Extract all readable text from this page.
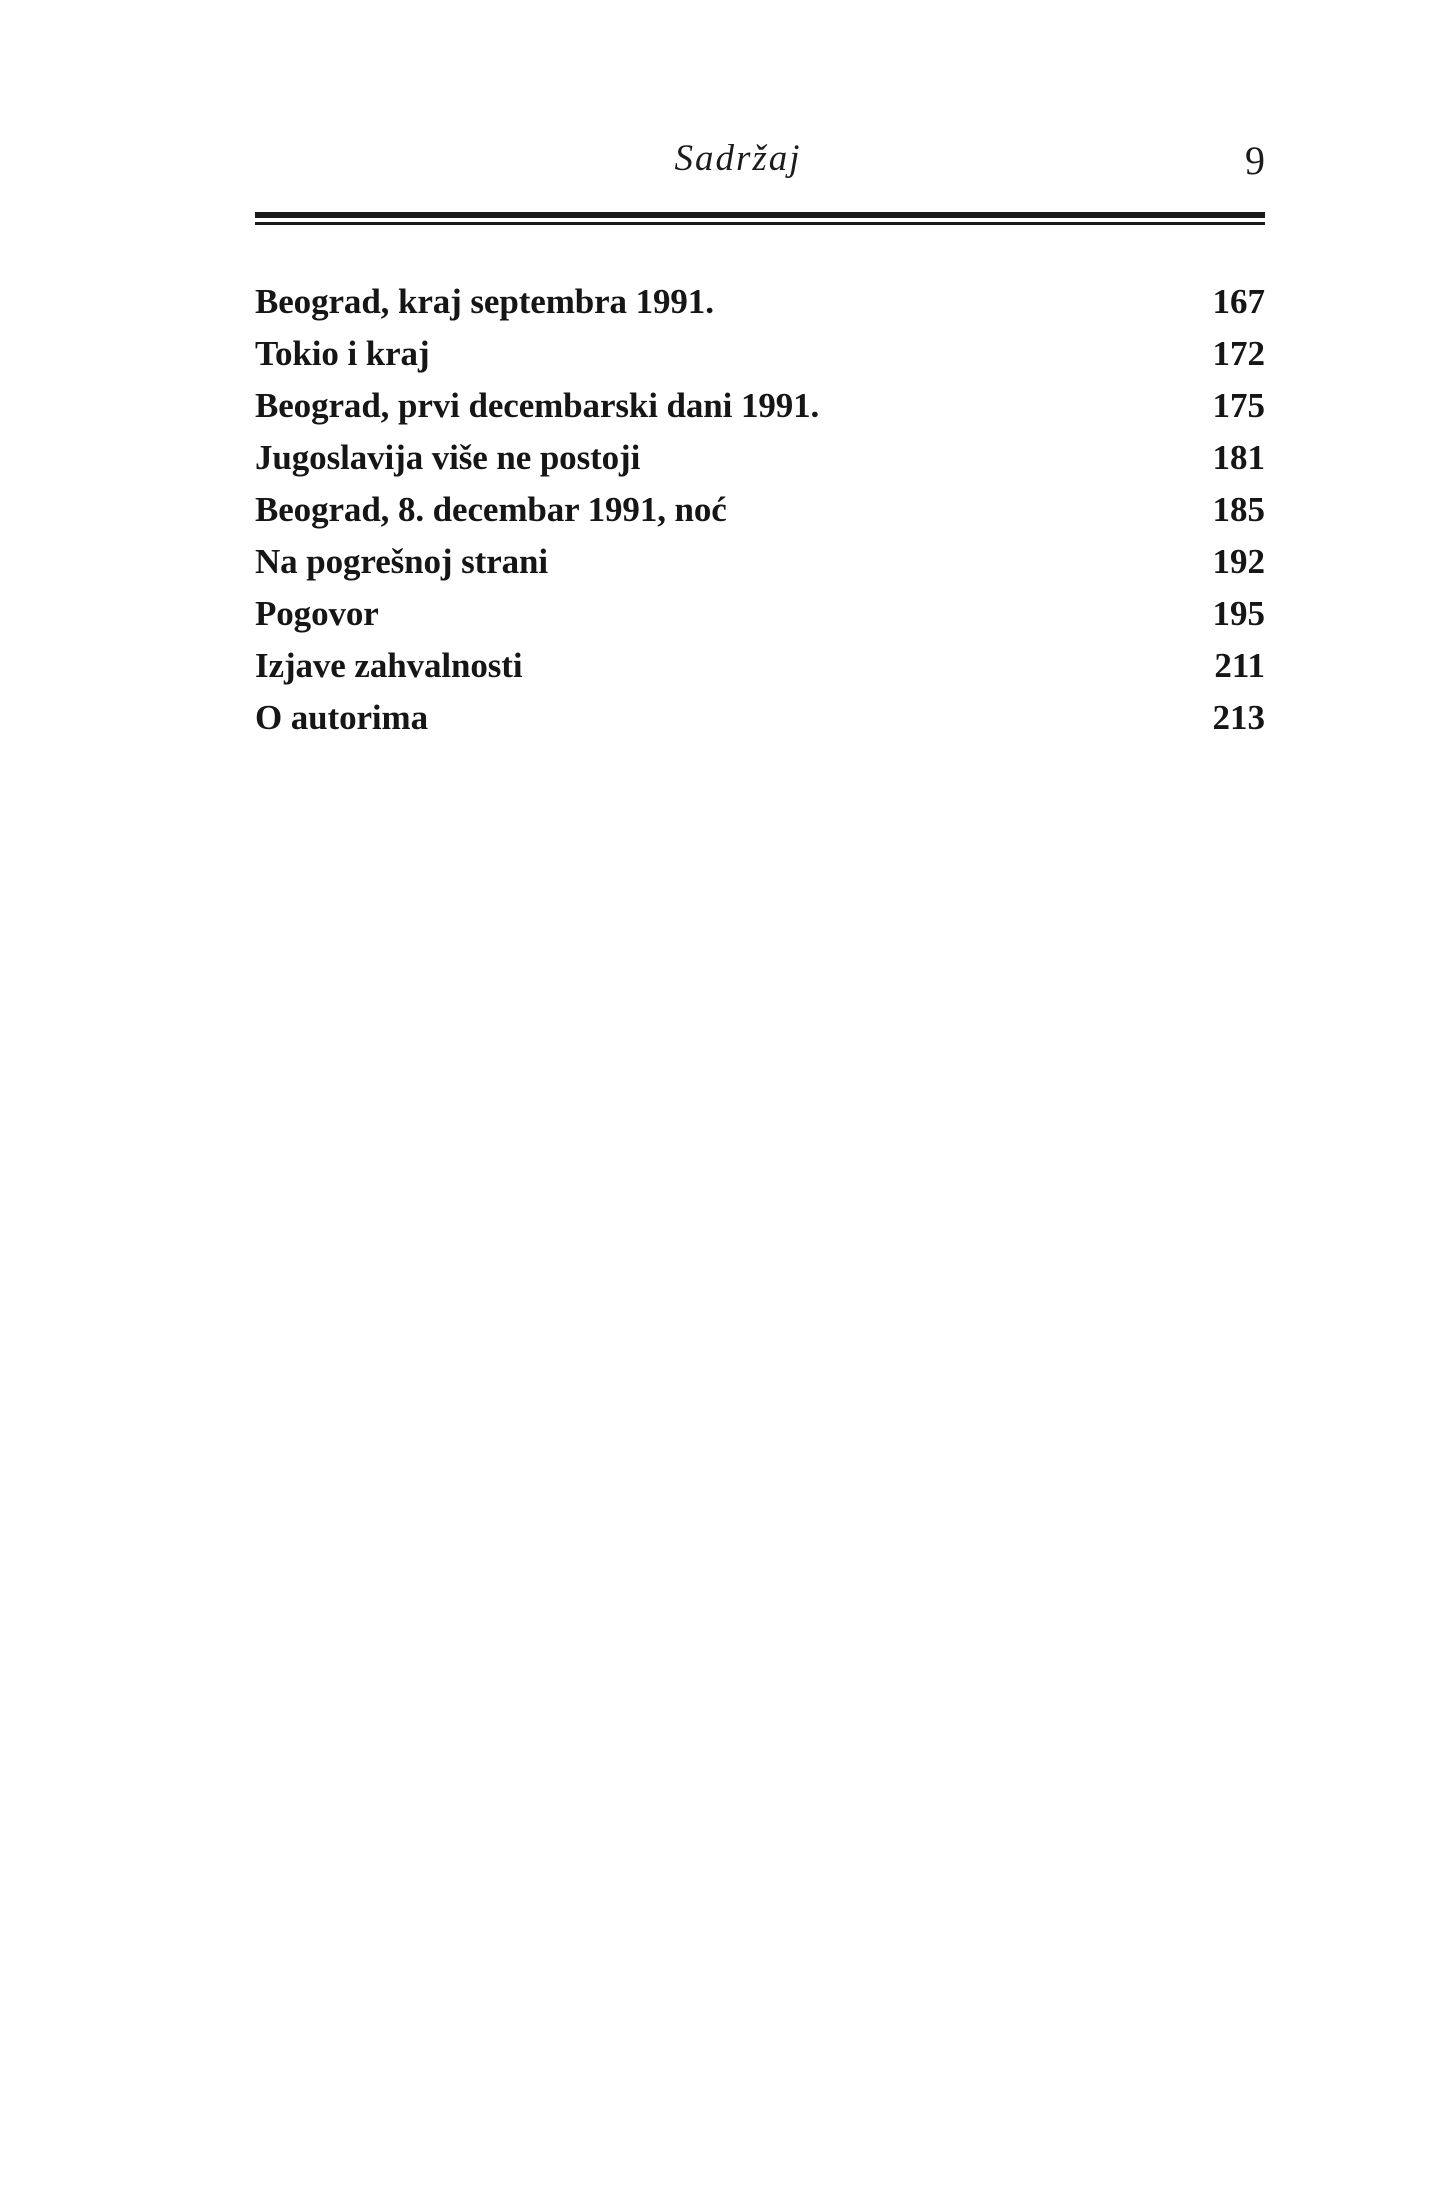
Sadržaj	9
Beograd, kraj septembra 1991.	167
Tokio i kraj	172
Beograd, prvi decembarski dani 1991.	175
Jugoslavija više ne postoji	181
Beograd, 8. decembar 1991, noć	185
Na pogrešnoj strani	192
Pogovor	195
Izjave zahvalnosti	211
O autorima	213
